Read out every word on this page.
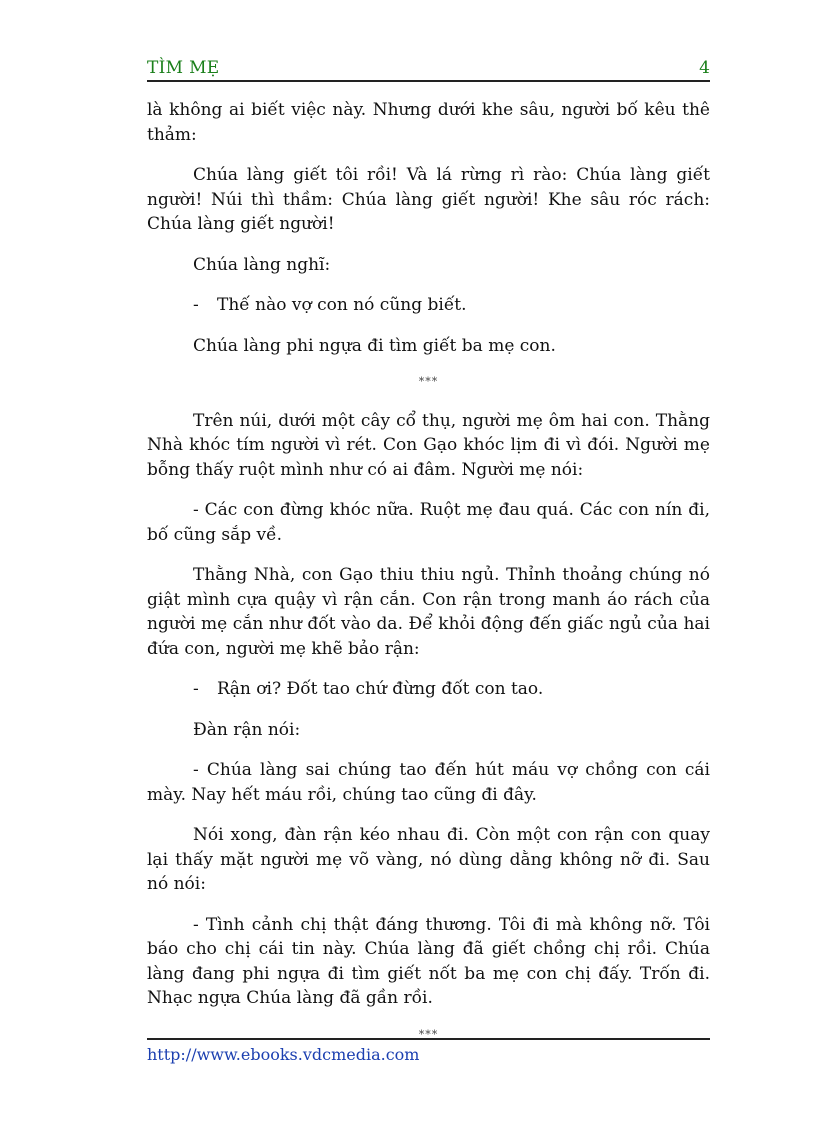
TÌM MẸ	4

là không ai biết việc này. Nhưng dưới khe sâu, người bố kêu thê thảm:

Chúa làng giết tôi rồi! Và lá rừng rì rào: Chúa làng giết người! Núi thì thầm: Chúa làng giết người! Khe sâu róc rách: Chúa làng giết người!

Chúa làng nghĩ:

- Thế nào vợ con nó cũng biết.

Chúa làng phi ngựa đi tìm giết ba mẹ con.

***

Trên núi, dưới một cây cổ thụ, người mẹ ôm hai con. Thằng Nhà khóc tím người vì rét. Con Gạo khóc lịm đi vì đói. Người mẹ bỗng thấy ruột mình như có ai đâm. Người mẹ nói:

- Các con đừng khóc nữa. Ruột mẹ đau quá. Các con nín đi, bố cũng sắp về.

Thằng Nhà, con Gạo thiu thiu ngủ. Thỉnh thoảng chúng nó giật mình cựa quậy vì rận cắn. Con rận trong manh áo rách của người mẹ cắn như đốt vào da. Để khỏi động đến giấc ngủ của hai đứa con, người mẹ khẽ bảo rận:

- Rận ơi? Đốt tao chứ đừng đốt con tao.

Đàn rận nói:

- Chúa làng sai chúng tao đến hút máu vợ chồng con cái mày. Nay hết máu rồi, chúng tao cũng đi đây.

Nói xong, đàn rận kéo nhau đi. Còn một con rận con quay lại thấy mặt người mẹ võ vàng, nó dùng dằng không nỡ đi. Sau nó nói:

- Tình cảnh chị thật đáng thương. Tôi đi mà không nỡ. Tôi báo cho chị cái tin này. Chúa làng đã giết chồng chị rồi. Chúa làng đang phi ngựa đi tìm giết nốt ba mẹ con chị đấy. Trốn đi. Nhạc ngựa Chúa làng đã gần rồi.

***

http://www.ebooks.vdcmedia.com
